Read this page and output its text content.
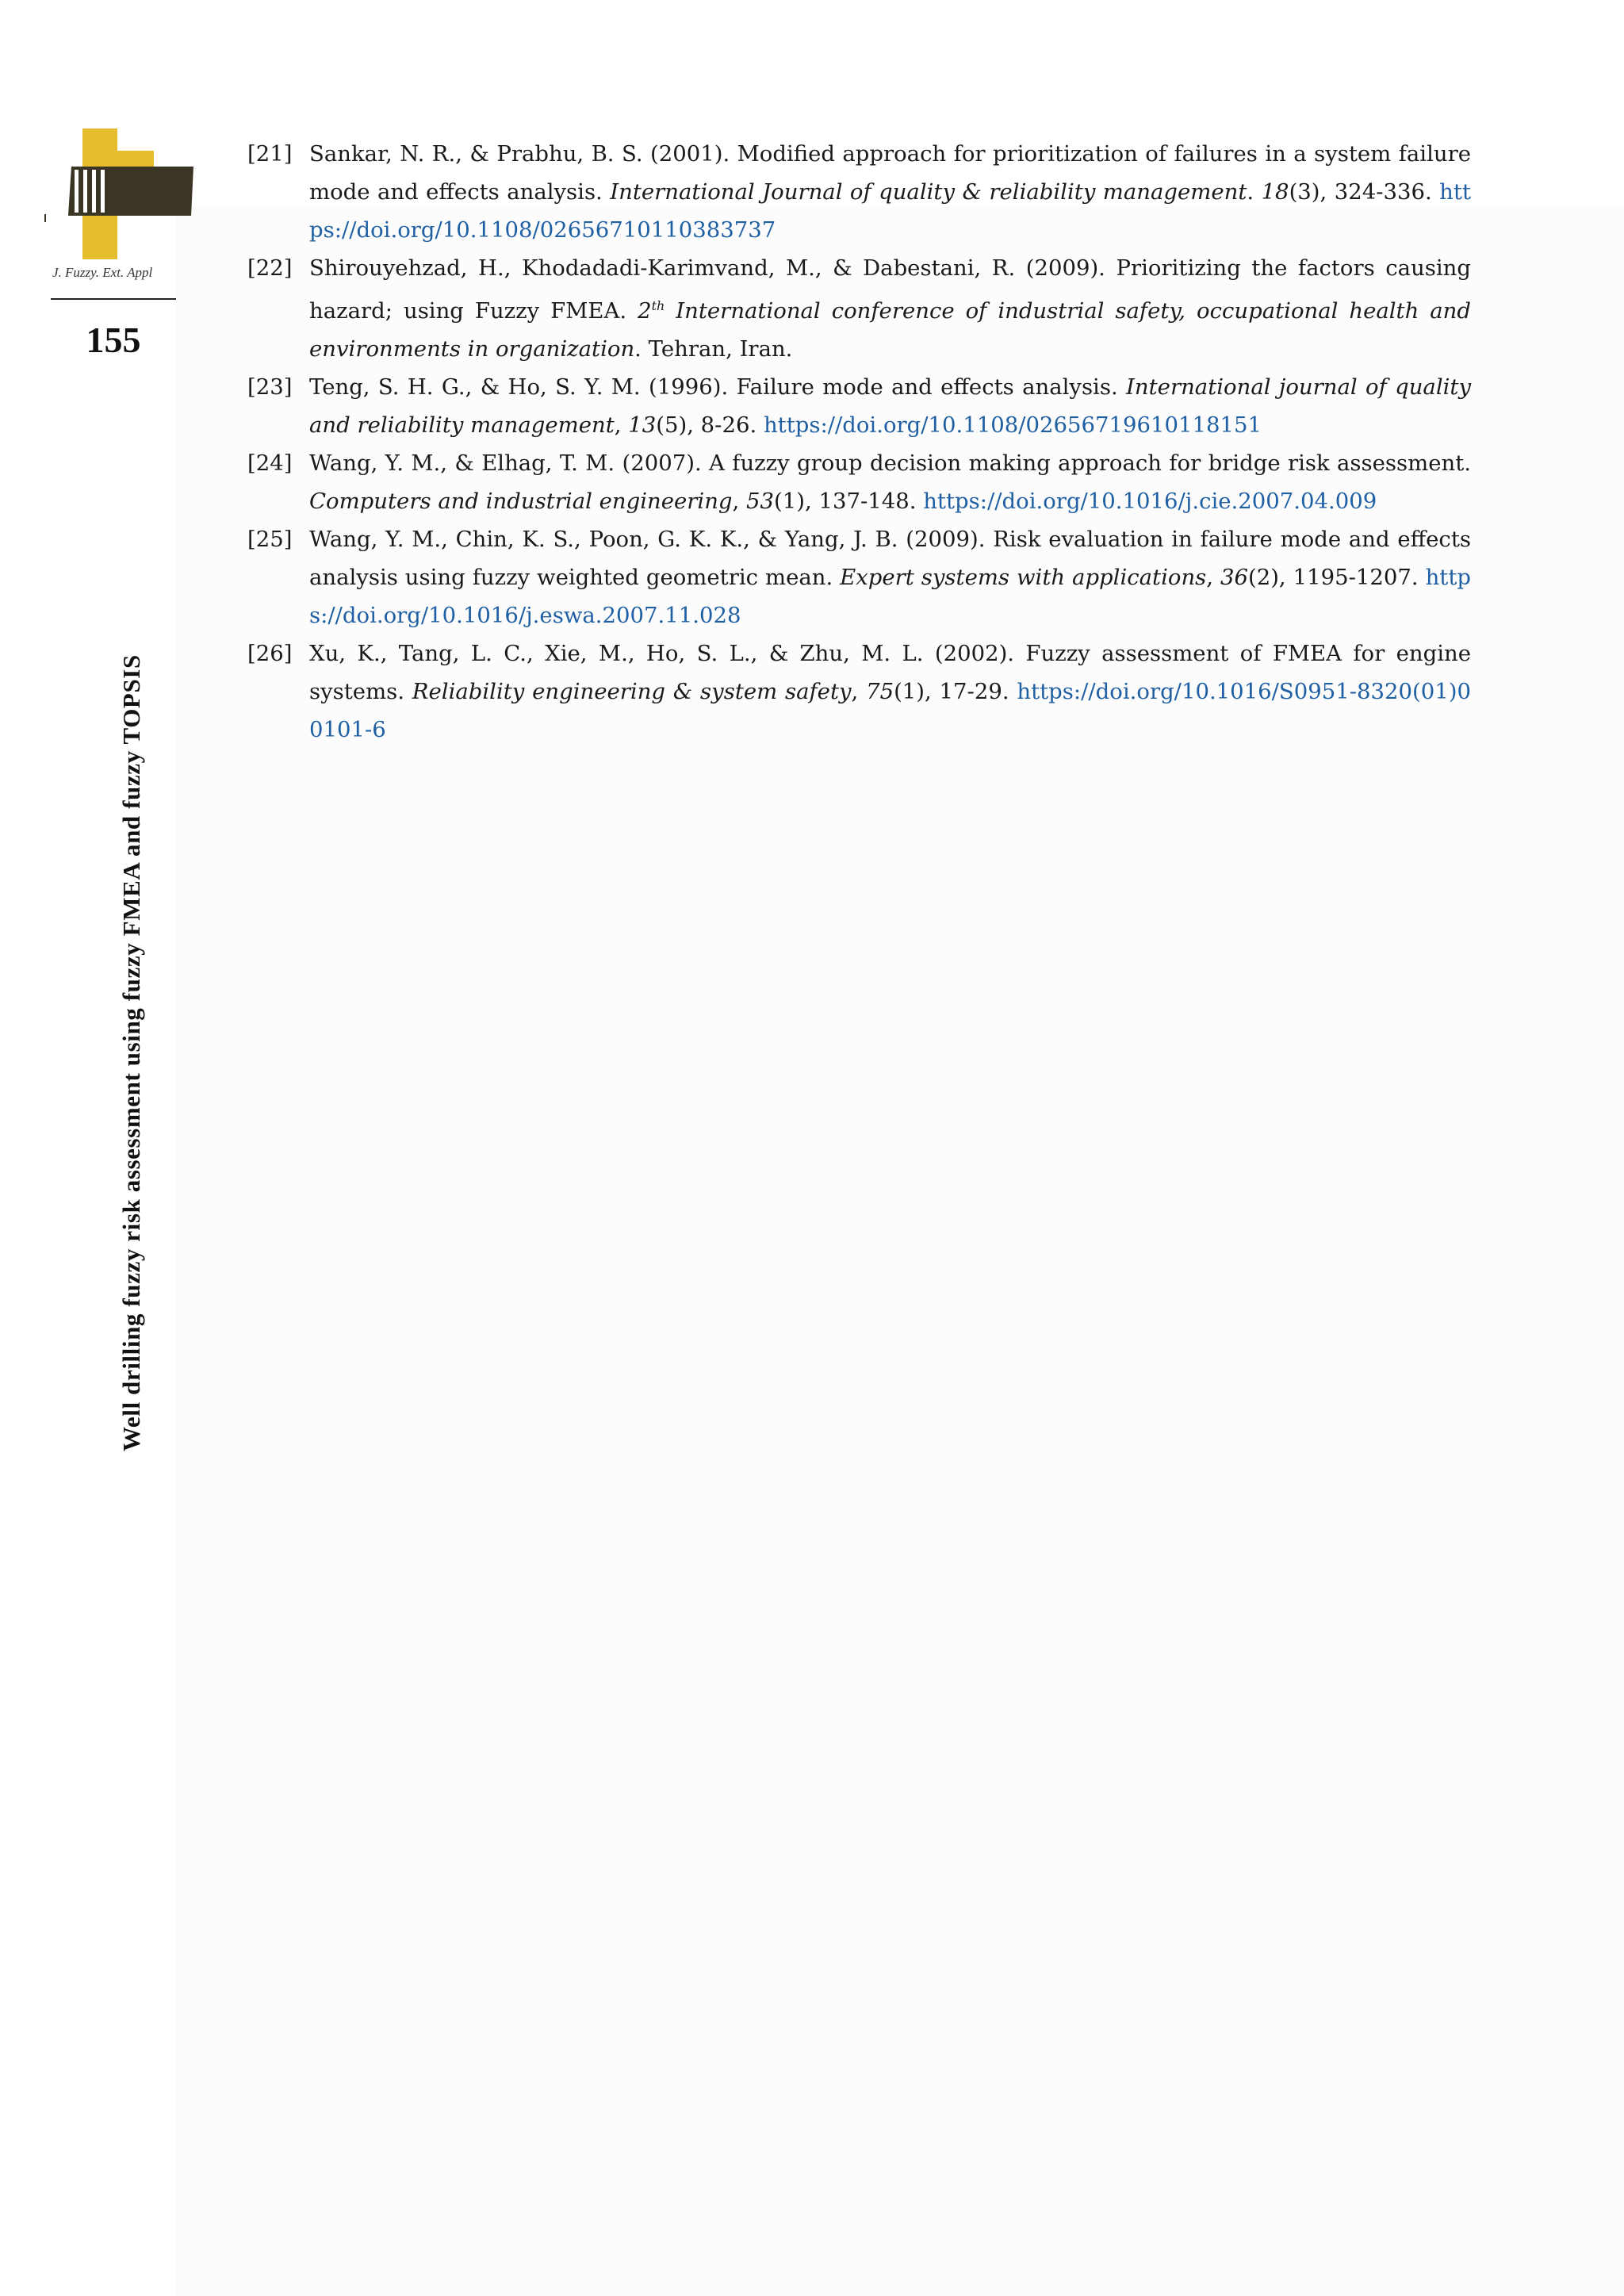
J. Fuzzy. Ext. Appl
155
Well drilling fuzzy risk assessment using fuzzy FMEA and fuzzy TOPSIS

[21] Sankar, N. R., & Prabhu, B. S. (2001). Modified approach for prioritization of failures in a system failure mode and effects analysis. International Journal of quality & reliability management. 18(3), 324-336. https://doi.org/10.1108/02656710110383737

[22] Shirouyehzad, H., Khodadadi-Karimvand, M., & Dabestani, R. (2009). Prioritizing the factors causing hazard; using Fuzzy FMEA. 2th International conference of industrial safety, occupational health and environments in organization. Tehran, Iran.

[23] Teng, S. H. G., & Ho, S. Y. M. (1996). Failure mode and effects analysis. International journal of quality and reliability management, 13(5), 8-26. https://doi.org/10.1108/02656719610118151

[24] Wang, Y. M., & Elhag, T. M. (2007). A fuzzy group decision making approach for bridge risk assessment. Computers and industrial engineering, 53(1), 137-148. https://doi.org/10.1016/j.cie.2007.04.009

[25] Wang, Y. M., Chin, K. S., Poon, G. K. K., & Yang, J. B. (2009). Risk evaluation in failure mode and effects analysis using fuzzy weighted geometric mean. Expert systems with applications, 36(2), 1195-1207. https://doi.org/10.1016/j.eswa.2007.11.028

[26] Xu, K., Tang, L. C., Xie, M., Ho, S. L., & Zhu, M. L. (2002). Fuzzy assessment of FMEA for engine systems. Reliability engineering & system safety, 75(1), 17-29. https://doi.org/10.1016/S0951-8320(01)00101-6
